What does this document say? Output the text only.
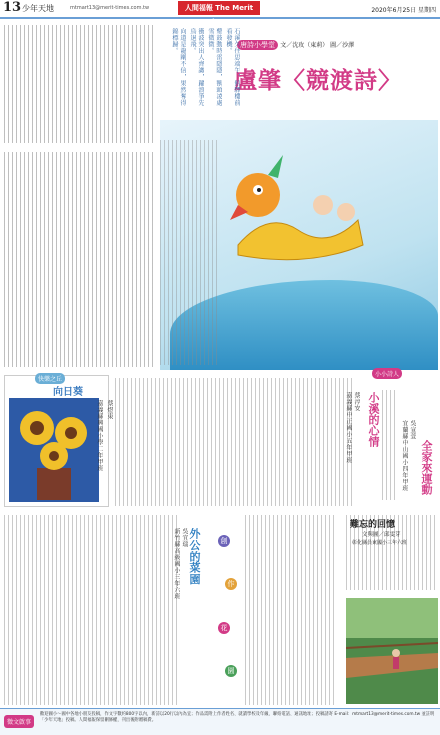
13 少年天地	mtmart13@merit-times.com.tw	人間福報 The Merit Times
2020年6月25日 星期四
唐詩小學堂 文／沈玫（東莉） 圖／沙澤
盧肇〈競渡詩〉
石溪久住思端午，館驛樓前看發機。
鼙鼓動時雷隱隱，獸頭凌處雪微微。
衝波突出人齊譀，躍浪爭先鳥退飛。
向道是龍剛不信，果然奪得錦標歸。
快樂之丘
向日葵
蔡煜東
嘉義縣興國小學二年甲班	小溪的心情
蔡淳安
嘉義縣中正國小五年甲班
小小詩人
全家來運動
吳宣萱
宜蘭縣中山國小四年甲班
外公的菜園
吳宜瑞
新竹縣高級國小三年六班	創
作
花
園
難忘的回憶
文與圖／邱雯芽
彰化縣員東國小三年六班
徵文啟事
歡迎國小～國中各地小朋友投稿，作文字數約800字以內，新詩以20行以內為宜；作品需附上作者姓名、就讀學校及年級、聯絡電話、通訊地址；投稿請寄 E-mail：mtmart13@merit-times.com.tw 並註明「少年天地」投稿。人間福報保留刪修權，刊出後附贈稿費。
